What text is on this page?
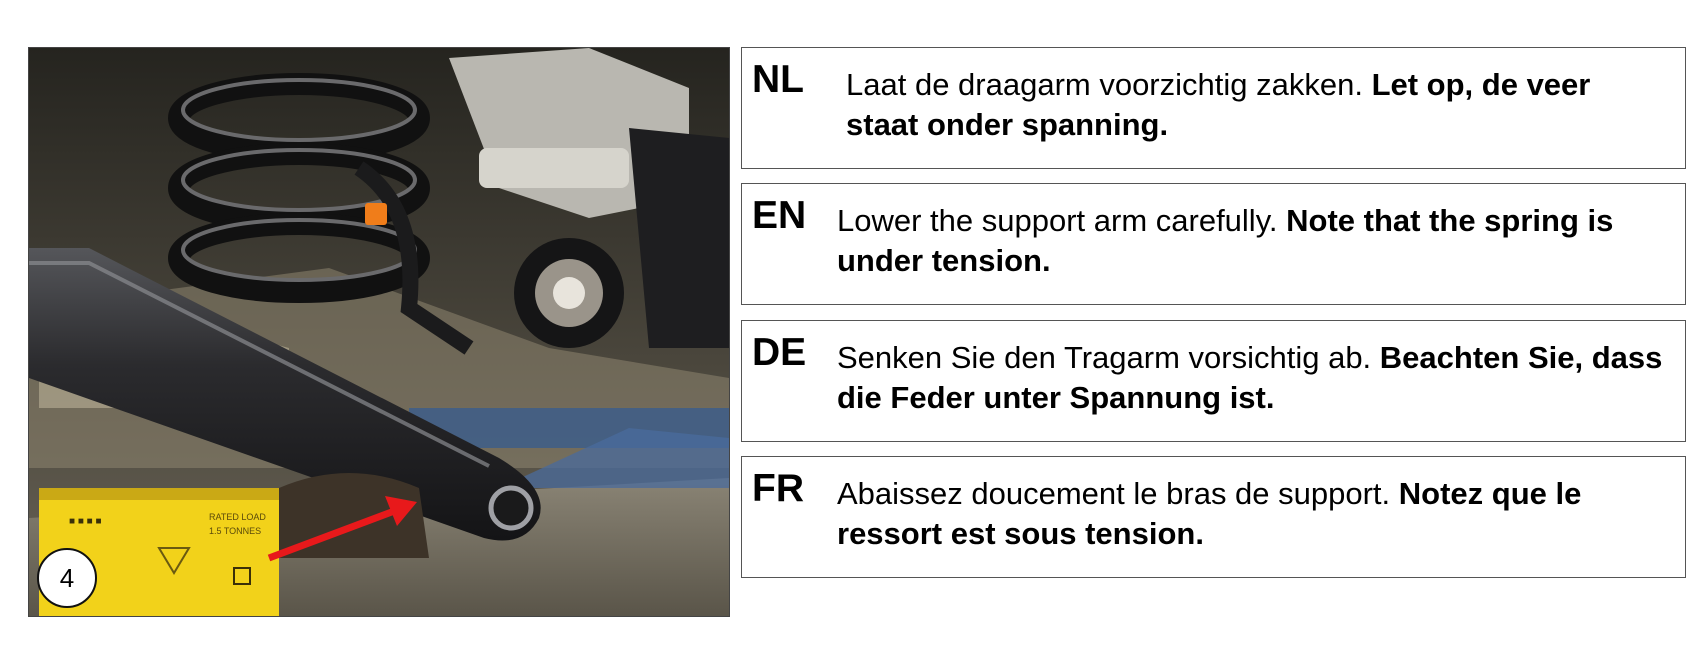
RATED LOAD
1.5 TONNES
■ ■ ■ ■
4
NL Laat de draagarm voorzichtig zakken. Let op, de veer staat onder spanning.
EN Lower the support arm carefully. Note that the spring is under tension.
DE Senken Sie den Tragarm vorsichtig ab. Beachten Sie, dass die Feder unter Spannung ist.
FR Abaissez doucement le bras de support. Notez que le ressort est sous tension.
